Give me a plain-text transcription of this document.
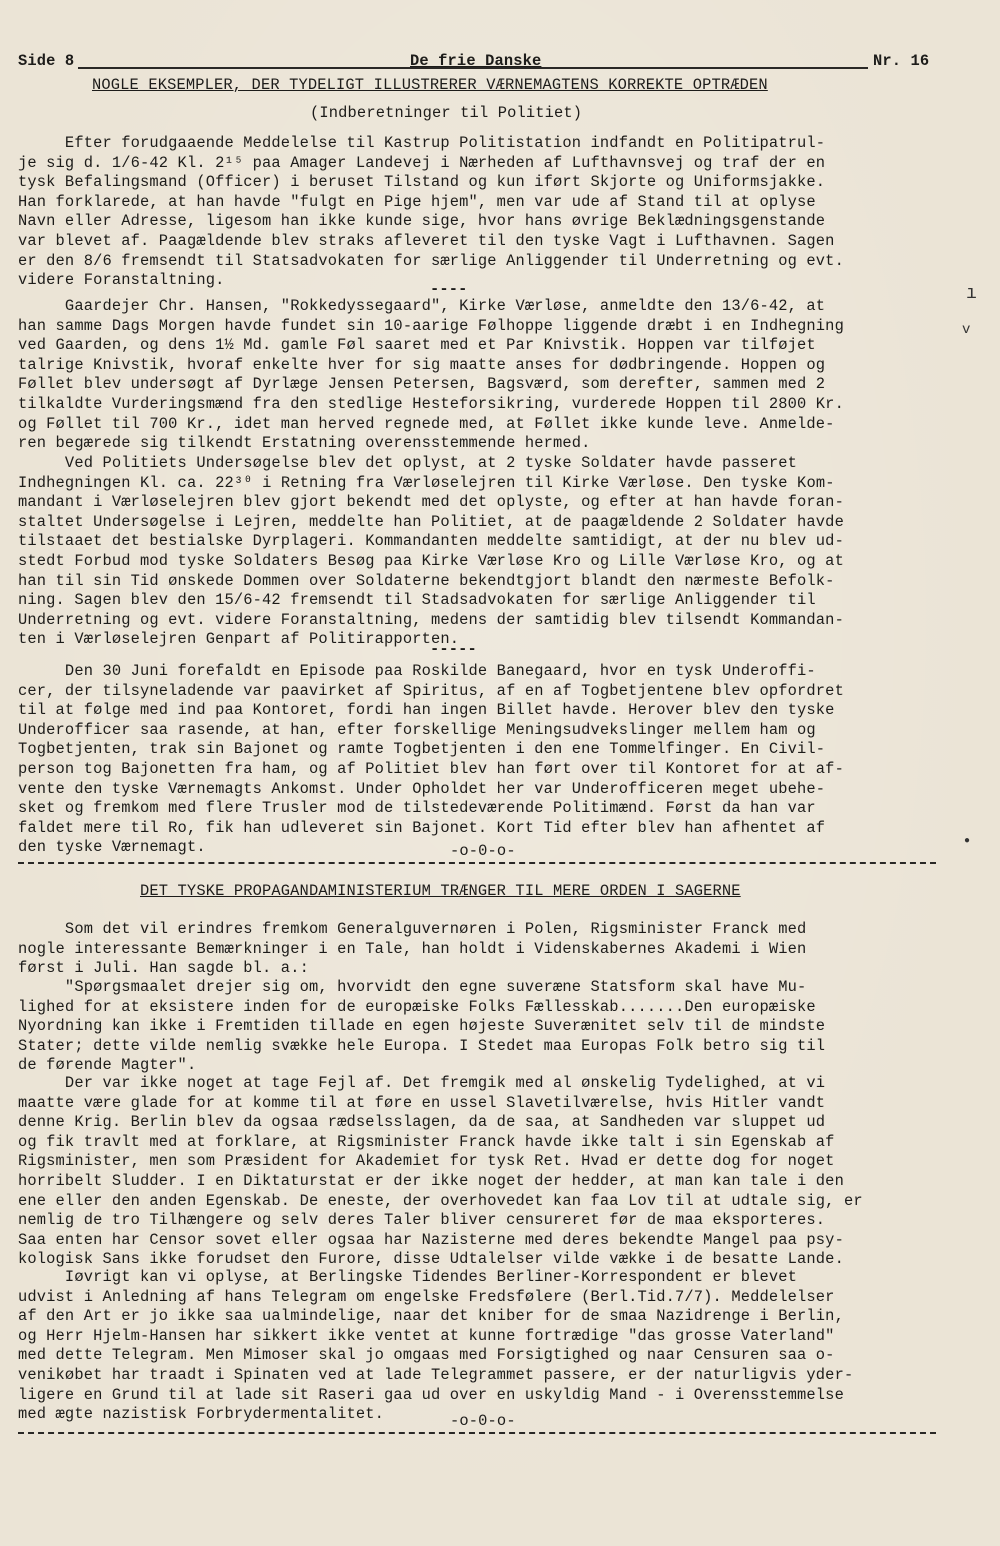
Side 8

	De frie Danske

	Nr. 16

NOGLE EKSEMPLER, DER TYDELIGT ILLUSTRERER VÆRNEMAGTENS KORREKTE OPTRÆDEN
(Indberetninger til Politiet)
Efter forudgaaende Meddelelse til Kastrup Politistation indfandt en Politipatrul-
je sig d. 1/6-42 Kl. 2¹⁵ paa Amager Landevej i Nærheden af Lufthavnsvej og traf der en
tysk Befalingsmand (Officer) i beruset Tilstand og kun iført Skjorte og Uniformsjakke.
Han forklarede, at han havde "fulgt en Pige hjem", men var ude af Stand til at oplyse
Navn eller Adresse, ligesom han ikke kunde sige, hvor hans øvrige Beklædningsgenstande
var blevet af. Paagældende blev straks afleveret til den tyske Vagt i Lufthavnen. Sagen
er den 8/6 fremsendt til Statsadvokaten for særlige Anliggender til Underretning og evt.
videre Foranstaltning.	----
Gaardejer Chr. Hansen, "Rokkedyssegaard", Kirke Værløse, anmeldte den 13/6-42, at
han samme Dags Morgen havde fundet sin 10-aarige Følhoppe liggende dræbt i en Indhegning
ved Gaarden, og dens 1½ Md. gamle Føl saaret med et Par Knivstik. Hoppen var tilføjet
talrige Knivstik, hvoraf enkelte hver for sig maatte anses for dødbringende. Hoppen og
Føllet blev undersøgt af Dyrlæge Jensen Petersen, Bagsværd, som derefter, sammen med 2
tilkaldte Vurderingsmænd fra den stedlige Hesteforsikring, vurderede Hoppen til 2800 Kr.
og Føllet til 700 Kr., idet man herved regnede med, at Føllet ikke kunde leve. Anmelde-
ren begærede sig tilkendt Erstatning overensstemmende hermed.
Ved Politiets Undersøgelse blev det oplyst, at 2 tyske Soldater havde passeret
Indhegningen Kl. ca. 22³⁰ i Retning fra Værløselejren til Kirke Værløse. Den tyske Kom-
mandant i Værløselejren blev gjort bekendt med det oplyste, og efter at han havde foran-
staltet Undersøgelse i Lejren, meddelte han Politiet, at de paagældende 2 Soldater havde
tilstaaet det bestialske Dyrplageri. Kommandanten meddelte samtidigt, at der nu blev ud-
stedt Forbud mod tyske Soldaters Besøg paa Kirke Værløse Kro og Lille Værløse Kro, og at
han til sin Tid ønskede Dommen over Soldaterne bekendtgjort blandt den nærmeste Befolk-
ning. Sagen blev den 15/6-42 fremsendt til Stadsadvokaten for særlige Anliggender til
Underretning og evt. videre Foranstaltning, medens der samtidig blev tilsendt Kommandan-
ten i Værløselejren Genpart af Politirapporten.
-----
Den 30 Juni forefaldt en Episode paa Roskilde Banegaard, hvor en tysk Underoffi-
cer, der tilsyneladende var paavirket af Spiritus, af en af Togbetjentene blev opfordret
til at følge med ind paa Kontoret, fordi han ingen Billet havde. Herover blev den tyske
Underofficer saa rasende, at han, efter forskellige Meningsudvekslinger mellem ham og
Togbetjenten, trak sin Bajonet og ramte Togbetjenten i den ene Tommelfinger. En Civil-
person tog Bajonetten fra ham, og af Politiet blev han ført over til Kontoret for at af-
vente den tyske Værnemagts Ankomst. Under Opholdet her var Underofficeren meget ubehe-
sket og fremkom med flere Trusler mod de tilstedeværende Politimænd. Først da han var
faldet mere til Ro, fik han udleveret sin Bajonet. Kort Tid efter blev han afhentet af
den tyske Værnemagt.	-o-0-o-
DET TYSKE PROPAGANDAMINISTERIUM TRÆNGER TIL MERE ORDEN I SAGERNE
Som det vil erindres fremkom Generalguvernøren i Polen, Rigsminister Franck med
nogle interessante Bemærkninger i en Tale, han holdt i Videnskabernes Akademi i Wien
først i Juli. Han sagde bl. a.:
"Spørgsmaalet drejer sig om, hvorvidt den egne suveræne Statsform skal have Mu-
lighed for at eksistere inden for de europæiske Folks Fællesskab.......Den europæiske
Nyordning kan ikke i Fremtiden tillade en egen højeste Suverænitet selv til de mindste
Stater; dette vilde nemlig svække hele Europa. I Stedet maa Europas Folk betro sig til
de førende Magter".
Der var ikke noget at tage Fejl af. Det fremgik med al ønskelig Tydelighed, at vi
maatte være glade for at komme til at føre en ussel Slavetilværelse, hvis Hitler vandt
denne Krig. Berlin blev da ogsaa rædselsslagen, da de saa, at Sandheden var sluppet ud
og fik travlt med at forklare, at Rigsminister Franck havde ikke talt i sin Egenskab af
Rigsminister, men som Præsident for Akademiet for tysk Ret. Hvad er dette dog for noget
horribelt Sludder. I en Diktaturstat er der ikke noget der hedder, at man kan tale i den
ene eller den anden Egenskab. De eneste, der overhovedet kan faa Lov til at udtale sig, er
nemlig de tro Tilhængere og selv deres Taler bliver censureret før de maa eksporteres.
Saa enten har Censor sovet eller ogsaa har Nazisterne med deres bekendte Mangel paa psy-
kologisk Sans ikke forudset den Furore, disse Udtalelser vilde vække i de besatte Lande.
Iøvrigt kan vi oplyse, at Berlingske Tidendes Berliner-Korrespondent er blevet
udvist i Anledning af hans Telegram om engelske Fredsfølere (Berl.Tid.7/7). Meddelelser
af den Art er jo ikke saa ualmindelige, naar det kniber for de smaa Nazidrenge i Berlin,
og Herr Hjelm-Hansen har sikkert ikke ventet at kunne fortrædige "das grosse Vaterland"
med dette Telegram. Men Mimoser skal jo omgaas med Forsigtighed og naar Censuren saa o-
venikøbet har traadt i Spinaten ved at lade Telegrammet passere, er der naturligvis yder-
ligere en Grund til at lade sit Raseri gaa ud over en uskyldig Mand - i Overensstemmelse
med ægte nazistisk Forbrydermentalitet.	-o-0-o-
ı
v
●
